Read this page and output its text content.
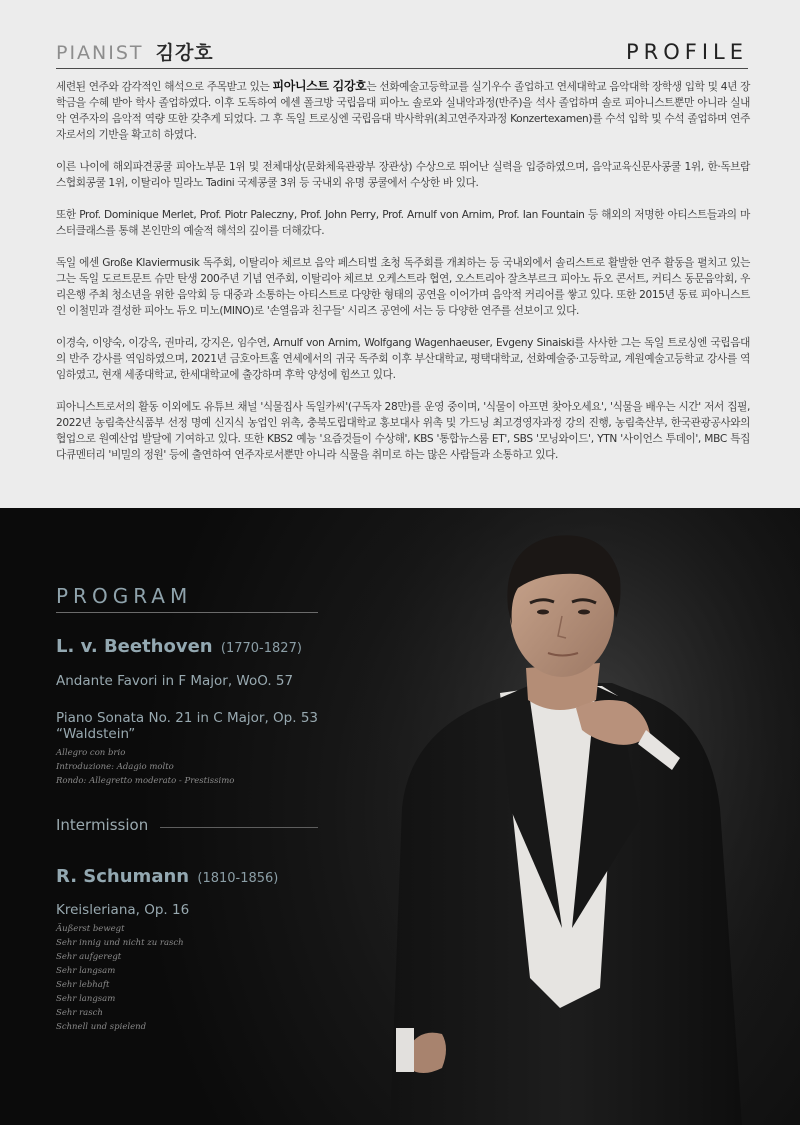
PIANIST 김강호	PROFILE

세련된 연주와 감각적인 해석으로 주목받고 있는 피아니스트 김강호는 선화예술고등학교를 실기우수 졸업하고 연세대학교 음악대학 장학생 입학 및 4년 장학금을 수혜 받아 학사 졸업하였다. 이후 도독하여 에센 폴크방 국립음대 피아노 솔로와 실내악과정(반주)을 석사 졸업하며 솔로 피아니스트뿐만 아니라 실내악 연주자의 음악적 역량 또한 갖추게 되었다. 그 후 독일 트로싱엔 국립음대 박사학위(최고연주자과정 Konzertexamen)를 수석 입학 및 수석 졸업하며 연주자로서의 기반을 확고히 하였다.

이른 나이에 해외파견콩쿨 피아노부문 1위 및 전체대상(문화체육관광부 장관상) 수상으로 뛰어난 실력을 입증하였으며, 음악교육신문사콩쿨 1위, 한·독브람스협회콩쿨 1위, 이탈리아 밀라노 Tadini 국제콩쿨 3위 등 국내외 유명 콩쿨에서 수상한 바 있다.

또한 Prof. Dominique Merlet, Prof. Piotr Paleczny, Prof. John Perry, Prof. Arnulf von Arnim, Prof. Ian Fountain 등 해외의 저명한 아티스트들과의 마스터클래스를 통해 본인만의 예술적 해석의 깊이를 더해갔다.

독일 에센 Große Klaviermusik 독주회, 이탈리아 체르보 음악 페스티벌 초청 독주회를 개최하는 등 국내외에서 솔리스트로 활발한 연주 활동을 펼치고 있는 그는 독일 도르트문트 슈만 탄생 200주년 기념 연주회, 이탈리아 체르보 오케스트라 협연, 오스트리아 잘츠부르크 피아노 듀오 콘서트, 커티스 동문음악회, 우리은행 주최 청소년을 위한 음악회 등 대중과 소통하는 아티스트로 다양한 형태의 공연을 이어가며 음악적 커리어를 쌓고 있다. 또한 2015년 동료 피아니스트인 이철민과 결성한 피아노 듀오 미노(MINO)로 '손열음과 친구들' 시리즈 공연에 서는 등 다양한 연주를 선보이고 있다.

이경숙, 이양숙, 이강옥, 권마리, 강지은, 임수연, Arnulf von Arnim, Wolfgang Wagenhaeuser, Evgeny Sinaiski를 사사한 그는 독일 트로싱엔 국립음대의 반주 강사를 역임하였으며, 2021년 금호아트홀 연세에서의 귀국 독주회 이후 부산대학교, 평택대학교, 선화예술중·고등학교, 계원예술고등학교 강사를 역임하였고, 현재 세종대학교, 한세대학교에 출강하며 후학 양성에 힘쓰고 있다.

피아니스트로서의 활동 이외에도 유튜브 채널 '식물집사 독일카씨'(구독자 28만)를 운영 중이며, '식물이 아프면 찾아오세요', '식물을 배우는 시간' 저서 집필, 2022년 농림축산식품부 선정 명예 신지식 농업인 위촉, 충북도립대학교 홍보대사 위촉 및 가드닝 최고경영자과정 강의 진행, 농림축산부, 한국관광공사와의 협업으로 원예산업 발달에 기여하고 있다. 또한 KBS2 예능 '요즘것들이 수상해', KBS '통합뉴스룸 ET', SBS '모닝와이드', YTN '사이언스 투데이', MBC 특집 다큐멘터리 '비밀의 정원' 등에 출연하여 연주자로서뿐만 아니라 식물을 취미로 하는 많은 사람들과 소통하고 있다.

PROGRAM
L. v. Beethoven (1770-1827)
Andante Favori in F Major, WoO. 57
Piano Sonata No. 21 in C Major, Op. 53
“Waldstein”
Allegro con brio
Introduzione: Adagio molto
Rondo: Allegretto moderato - Prestissimo
Intermission
R. Schumann (1810-1856)
Kreisleriana, Op. 16
Äußerst bewegt
Sehr innig und nicht zu rasch
Sehr aufgeregt
Sehr langsam
Sehr lebhaft
Sehr langsam
Sehr rasch
Schnell und spielend
